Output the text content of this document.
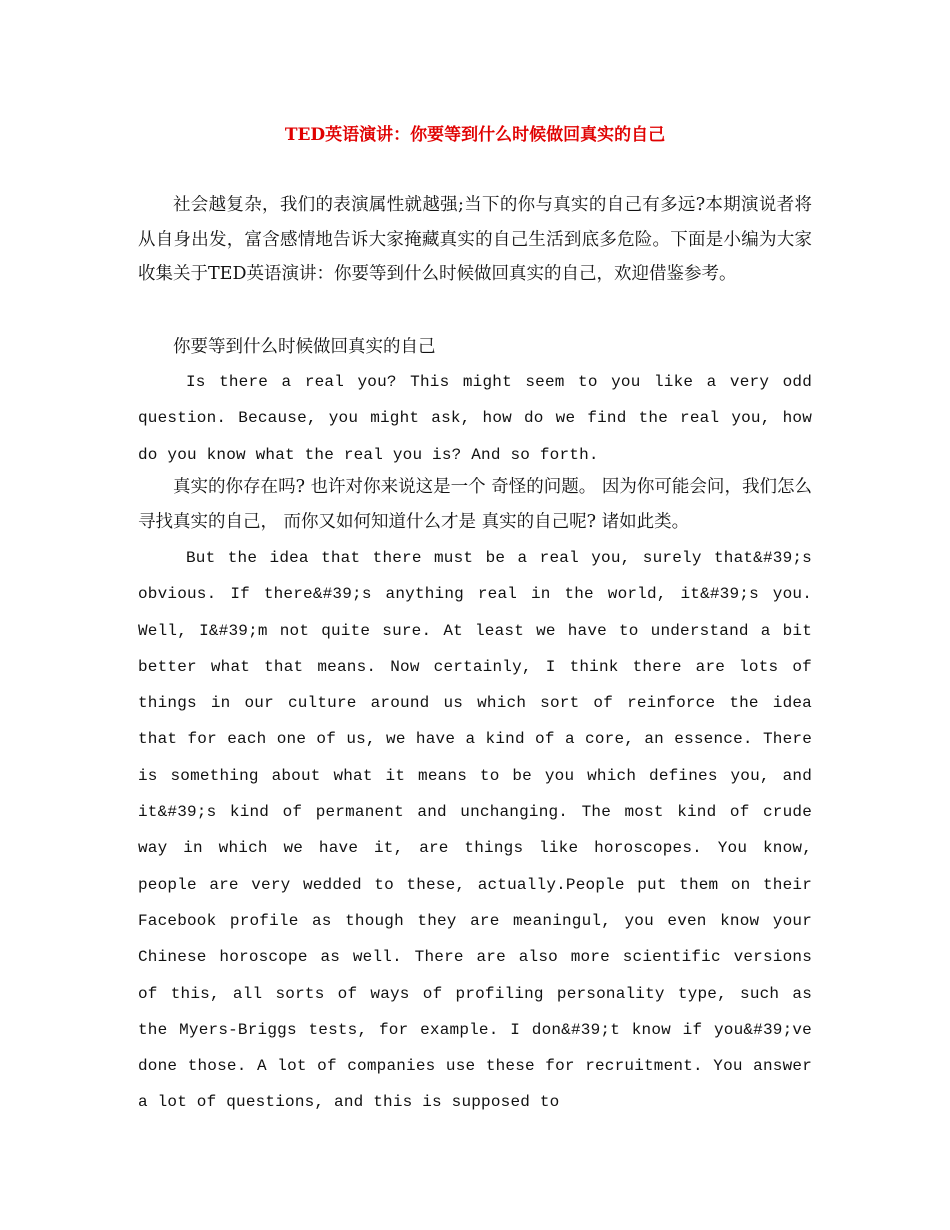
TED英语演讲：你要等到什么时候做回真实的自己

社会越复杂，我们的表演属性就越强;当下的你与真实的自己有多远?本期演说者将从自身出发，富含感情地告诉大家掩藏真实的自己生活到底多危险。下面是小编为大家收集关于TED英语演讲：你要等到什么时候做回真实的自己，欢迎借鉴参考。

你要等到什么时候做回真实的自己

Is there a real you? This might seem to you like a very odd question. Because, you might ask, how do we find the real you, how do you know what the real you is? And so forth.

真实的你存在吗? 也许对你来说这是一个 奇怪的问题。 因为你可能会问，我们怎么寻找真实的自己， 而你又如何知道什么才是 真实的自己呢? 诸如此类。

But the idea that there must be a real you, surely that&#39;s obvious. If there&#39;s anything real in the world, it&#39;s you. Well, I&#39;m not quite sure. At least we have to understand a bit better what that means. Now certainly, I think there are lots of things in our culture around us which sort of reinforce the idea that for each one of us, we have a kind of a core, an essence. There is something about what it means to be you which defines you, and it&#39;s kind of permanent and unchanging. The most kind of crude way in which we have it, are things like horoscopes. You know, people are very wedded to these, actually.People put them on their Facebook profile as though they are meaningul, you even know your Chinese horoscope as well. There are also more scientific versions of this, all sorts of ways of profiling personality type, such as the Myers-Briggs tests, for example. I don&#39;t know if you&#39;ve done those. A lot of companies use these for recruitment. You answer a lot of questions, and this is supposed to
